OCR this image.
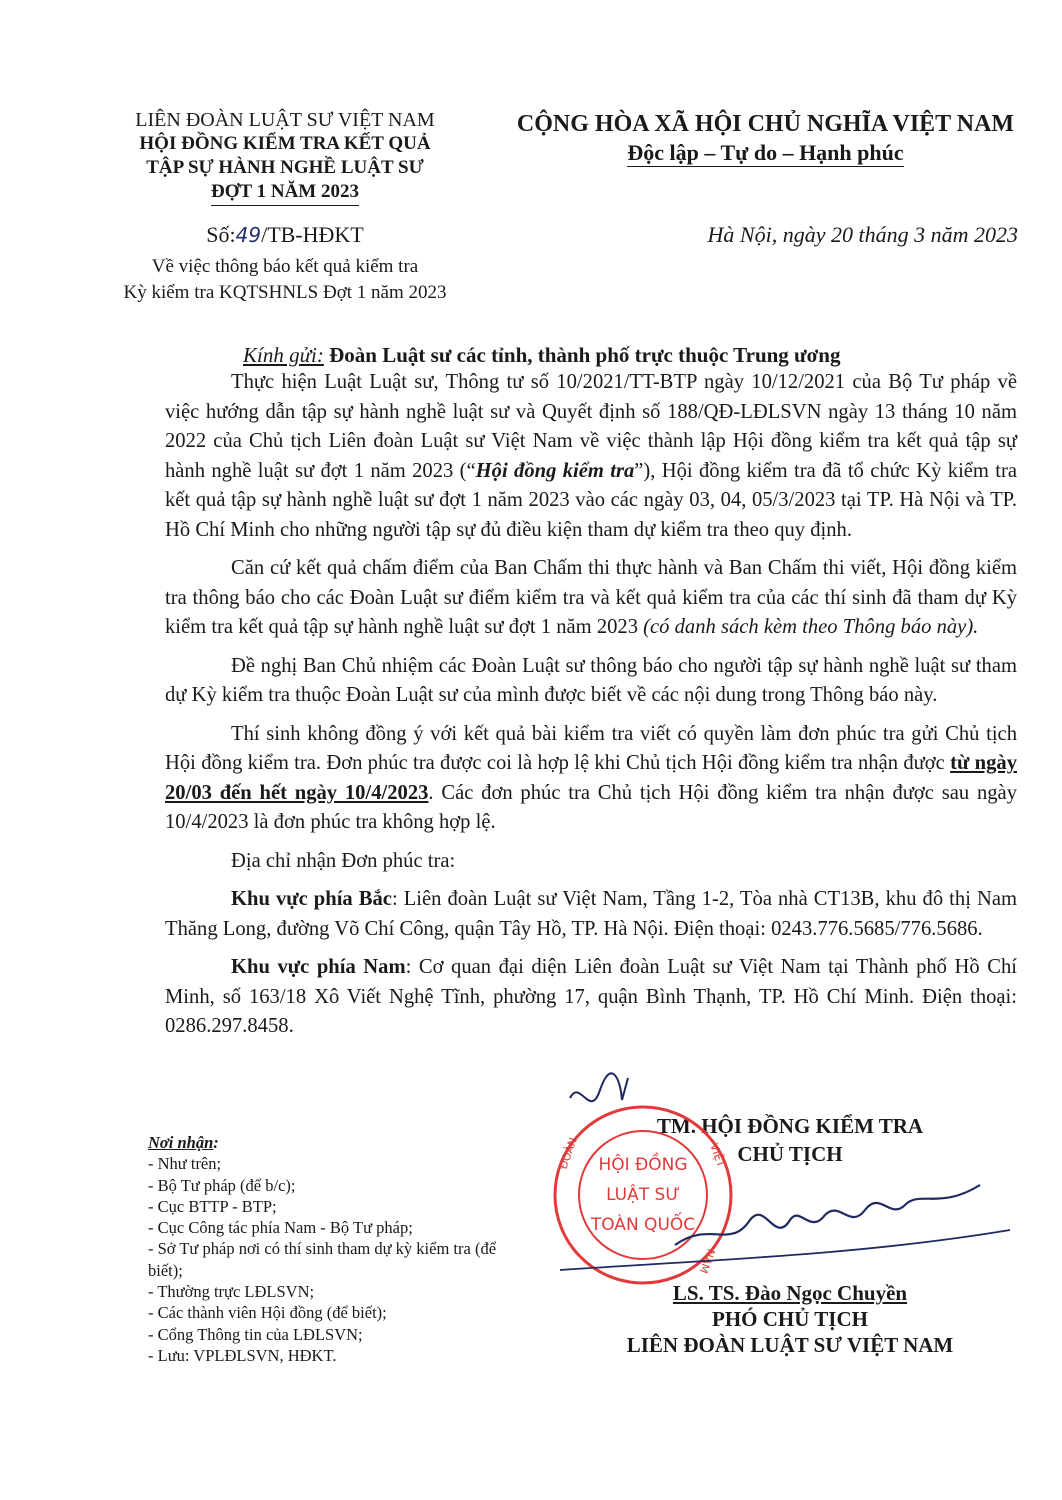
LIÊN ĐOÀN LUẬT SƯ VIỆT NAM
HỘI ĐỒNG KIỂM TRA KẾT QUẢ
TẬP SỰ HÀNH NGHỀ LUẬT SƯ
ĐỢT 1 NĂM 2023
CỘNG HÒA XÃ HỘI CHỦ NGHĨA VIỆT NAM
Độc lập – Tự do – Hạnh phúc
Số:49/TB-HĐKT
Về việc thông báo kết quả kiểm tra
Kỳ kiểm tra KQTSHNLS Đợt 1 năm 2023
Hà Nội, ngày 20 tháng 3 năm 2023
Kính gửi: Đoàn Luật sư các tỉnh, thành phố trực thuộc Trung ương

Thực hiện Luật Luật sư, Thông tư số 10/2021/TT-BTP ngày 10/12/2021 của Bộ Tư pháp về việc hướng dẫn tập sự hành nghề luật sư và Quyết định số 188/QĐ-LĐLSVN ngày 13 tháng 10 năm 2022 của Chủ tịch Liên đoàn Luật sư Việt Nam về việc thành lập Hội đồng kiểm tra kết quả tập sự hành nghề luật sư đợt 1 năm 2023 (“Hội đồng kiểm tra”), Hội đồng kiểm tra đã tổ chức Kỳ kiểm tra kết quả tập sự hành nghề luật sư đợt 1 năm 2023 vào các ngày 03, 04, 05/3/2023 tại TP. Hà Nội và TP. Hồ Chí Minh cho những người tập sự đủ điều kiện tham dự kiểm tra theo quy định.

Căn cứ kết quả chấm điểm của Ban Chấm thi thực hành và Ban Chấm thi viết, Hội đồng kiểm tra thông báo cho các Đoàn Luật sư điểm kiểm tra và kết quả kiểm tra của các thí sinh đã tham dự Kỳ kiểm tra kết quả tập sự hành nghề luật sư đợt 1 năm 2023 (có danh sách kèm theo Thông báo này).

Đề nghị Ban Chủ nhiệm các Đoàn Luật sư thông báo cho người tập sự hành nghề luật sư tham dự Kỳ kiểm tra thuộc Đoàn Luật sư của mình được biết về các nội dung trong Thông báo này.

Thí sinh không đồng ý với kết quả bài kiểm tra viết có quyền làm đơn phúc tra gửi Chủ tịch Hội đồng kiểm tra. Đơn phúc tra được coi là hợp lệ khi Chủ tịch Hội đồng kiểm tra nhận được từ ngày 20/03 đến hết ngày 10/4/2023. Các đơn phúc tra Chủ tịch Hội đồng kiểm tra nhận được sau ngày 10/4/2023 là đơn phúc tra không hợp lệ.

Địa chỉ nhận Đơn phúc tra:

Khu vực phía Bắc: Liên đoàn Luật sư Việt Nam, Tầng 1-2, Tòa nhà CT13B, khu đô thị Nam Thăng Long, đường Võ Chí Công, quận Tây Hồ, TP. Hà Nội. Điện thoại: 0243.776.5685/776.5686.

Khu vực phía Nam: Cơ quan đại diện Liên đoàn Luật sư Việt Nam tại Thành phố Hồ Chí Minh, số 163/18 Xô Viết Nghệ Tĩnh, phường 17, quận Bình Thạnh, TP. Hồ Chí Minh. Điện thoại: 0286.297.8458.

Nơi nhận:
- Như trên;
- Bộ Tư pháp (để b/c);
- Cục BTTP - BTP;
- Cục Công tác phía Nam - Bộ Tư pháp;
- Sở Tư pháp nơi có thí sinh tham dự kỳ kiểm tra (để biết);
- Thường trực LĐLSVN;
- Các thành viên Hội đồng (để biết);
- Cổng Thông tin của LĐLSVN;
- Lưu: VPLĐLSVN, HĐKT.
TM. HỘI ĐỒNG KIỂM TRA
CHỦ TỊCH
HỘI ĐỒNG
LUẬT SƯ
TOÀN QUỐC
ĐOÀN	VIỆT
NAM
LS. TS. Đào Ngọc Chuyền
PHÓ CHỦ TỊCH
LIÊN ĐOÀN LUẬT SƯ VIỆT NAM
